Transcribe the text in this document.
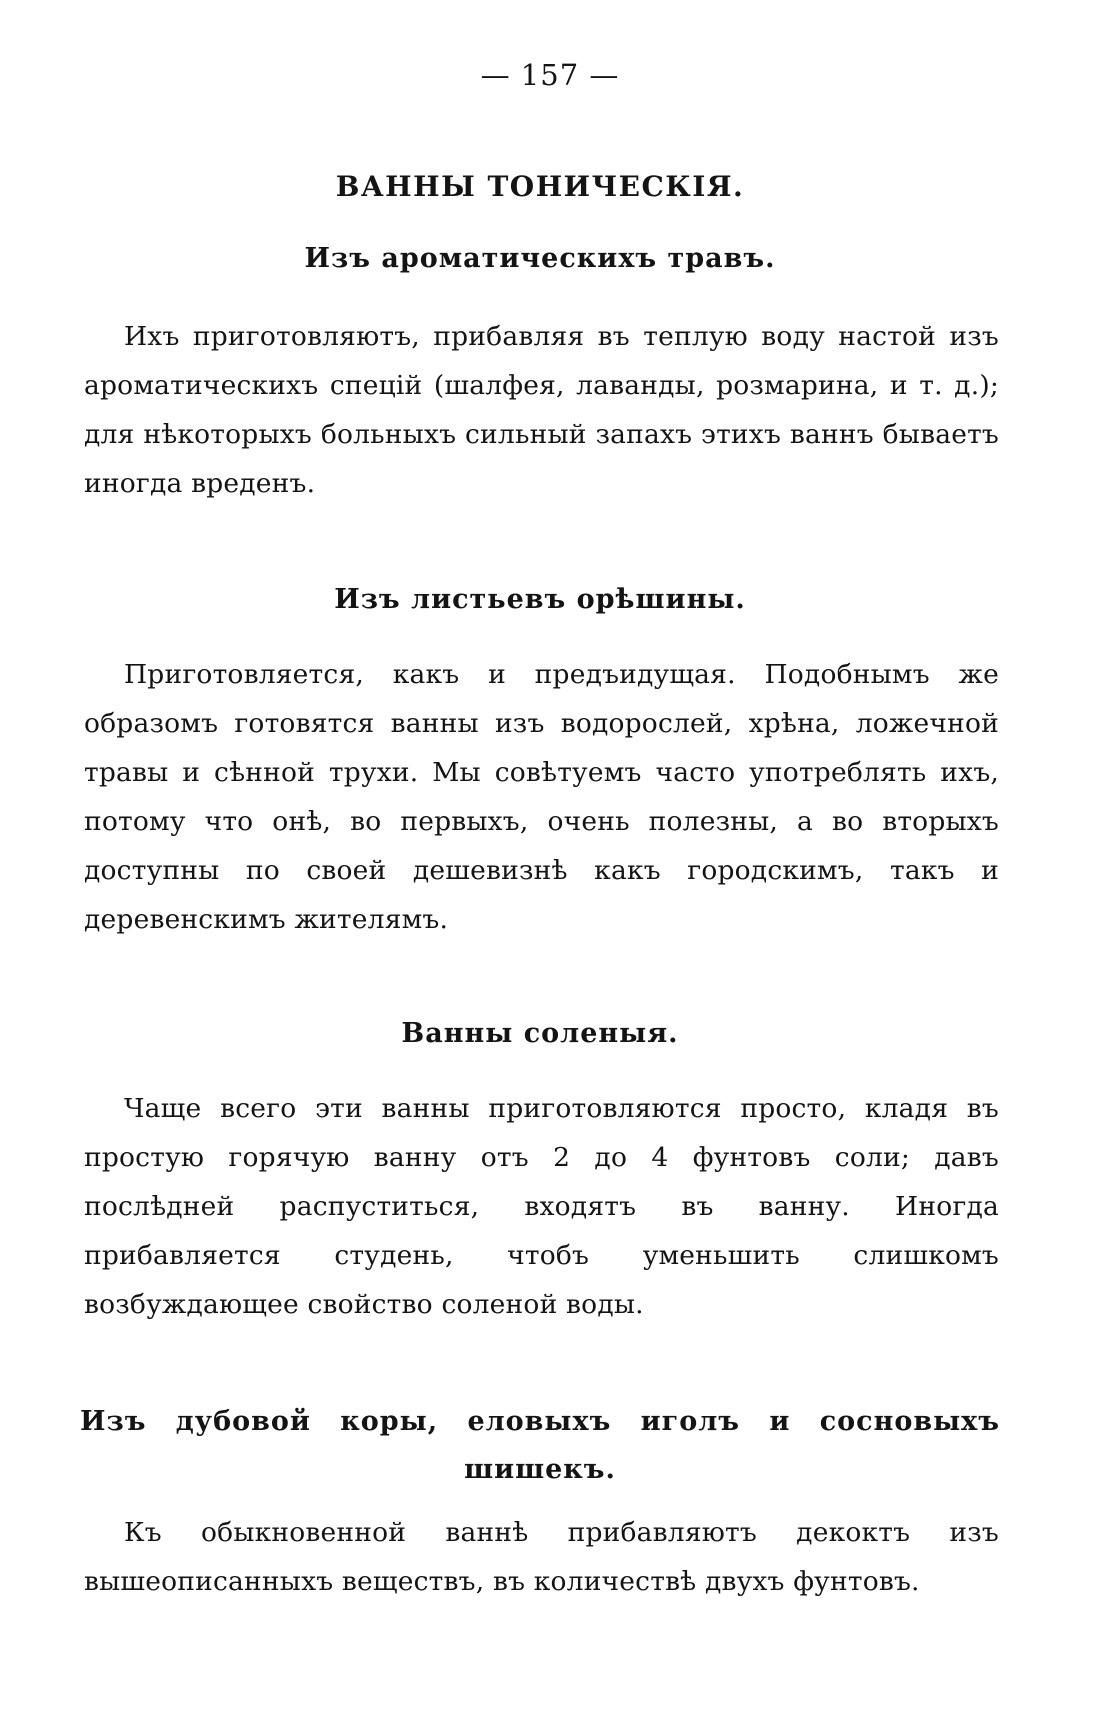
— 157 —
ВАННЫ ТОНИЧЕСКІЯ.
Изъ ароматическихъ травъ.

Ихъ приготовляютъ, прибавляя въ теплую воду настой изъ ароматическихъ спецій (шалфея, лаванды, розмарина, и т. д.); для нѣкоторыхъ больныхъ сильный запахъ этихъ ваннъ бываетъ иногда вреденъ.

Изъ листьевъ орѣшины.

Приготовляется, какъ и предъидущая. Подобнымъ же образомъ готовятся ванны изъ водорослей, хрѣна, ложечной травы и сѣнной трухи. Мы совѣтуемъ часто употреблять ихъ, потому что онѣ, во первыхъ, очень полезны, а во вторыхъ доступны по своей дешевизнѣ какъ городскимъ, такъ и деревенскимъ жителямъ.

Ванны соленыя.

Чаще всего эти ванны приготовляются просто, кладя въ простую горячую ванну отъ 2 до 4 фунтовъ соли; давъ послѣдней распуститься, входятъ въ ванну. Иногда прибавляется студень, чтобъ уменьшить слишкомъ возбуждающее свойство соленой воды.

Изъ дубовой коры, еловыхъ иголъ и сосновыхъ шишекъ.

Къ обыкновенной ваннѣ прибавляютъ декоктъ изъ вышеописанныхъ веществъ, въ количествѣ двухъ фунтовъ.
